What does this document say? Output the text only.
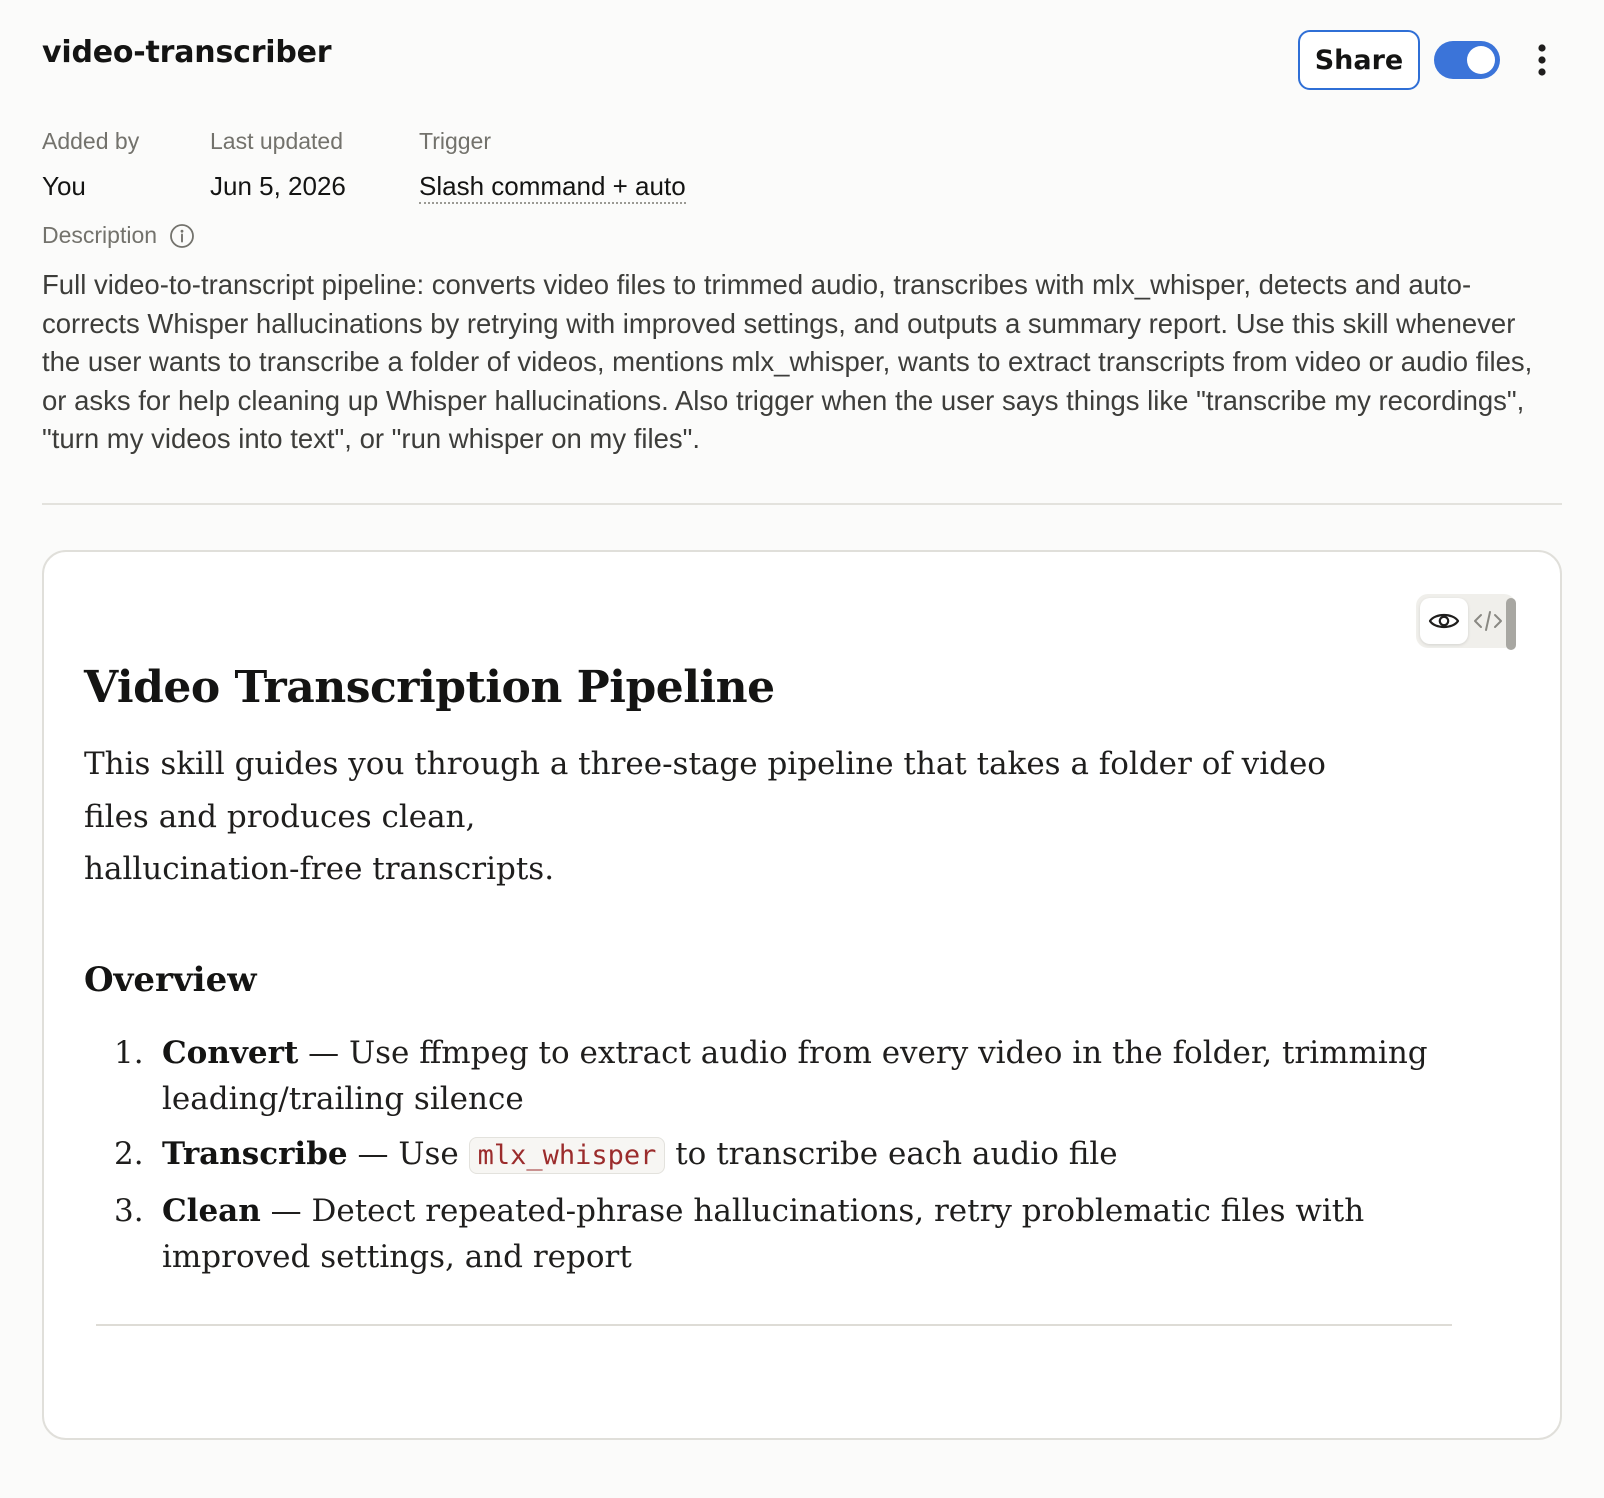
video-transcriber	Share
Added by
You
Last updated
Jun 5, 2026
Trigger
Slash command + auto
Description

Full video-to-transcript pipeline: converts video files to trimmed audio, transcribes with mlx_whisper, detects and auto-corrects Whisper hallucinations by retrying with improved settings, and outputs a summary report. Use this skill whenever the user wants to transcribe a folder of videos, mentions mlx_whisper, wants to extract transcripts from video or audio files, or asks for help cleaning up Whisper hallucinations. Also trigger when the user says things like "transcribe my recordings", "turn my videos into text", or "run whisper on my files".

Video Transcription Pipeline

This skill guides you through a three-stage pipeline that takes a folder of video files and produces clean,
hallucination-free transcripts.

Overview
1. Convert — Use ffmpeg to extract audio from every video in the folder, trimming leading/trailing silence
2. Transcribe — Use mlx_whisper to transcribe each audio file
3. Clean — Detect repeated-phrase hallucinations, retry problematic files with improved settings, and report
